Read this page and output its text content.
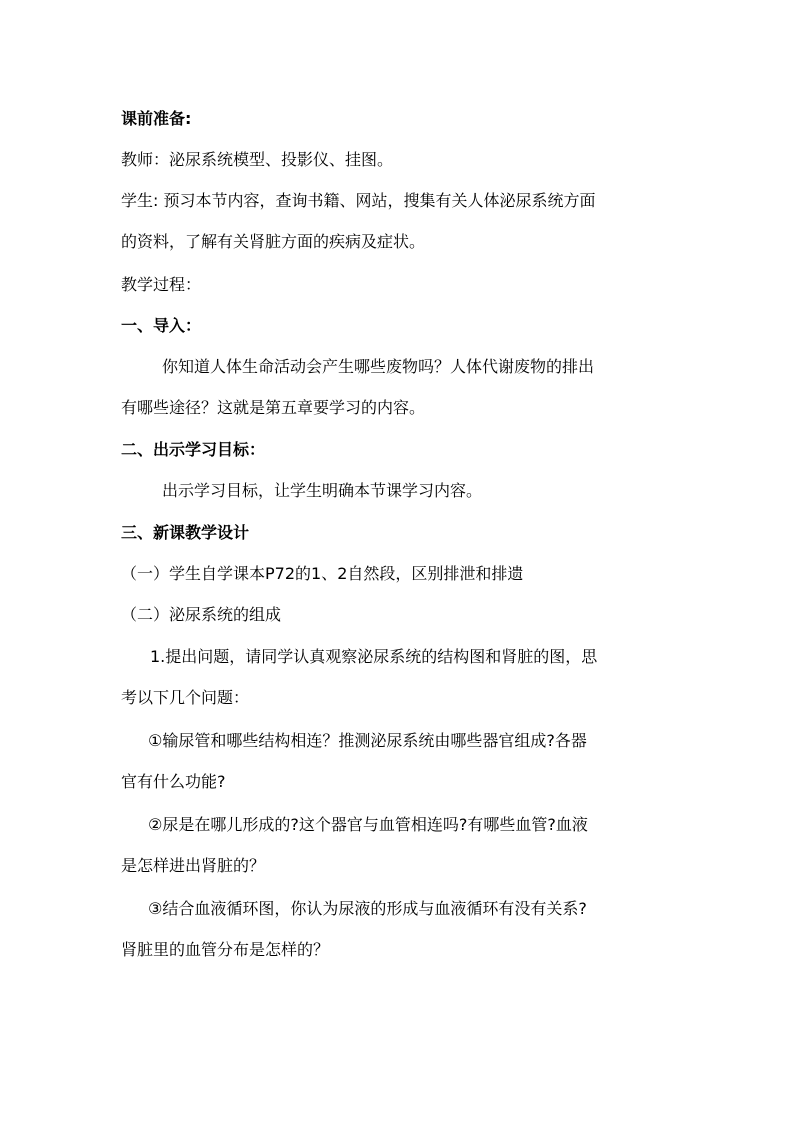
课前准备:
教师：泌尿系统模型、投影仪、挂图。
学生: 预习本节内容，查询书籍、网站，搜集有关人体泌尿系统方面
的资料，了解有关肾脏方面的疾病及症状。
教学过程：
一、导入：
你知道人体生命活动会产生哪些废物吗？人体代谢废物的排出
有哪些途径？这就是第五章要学习的内容。
二、出示学习目标：
出示学习目标，让学生明确本节课学习内容。
三、新课教学设计
（一）学生自学课本P72的1、2自然段，区别排泄和排遗
（二）泌尿系统的组成
1.提出问题，请同学认真观察泌尿系统的结构图和肾脏的图，思
考以下几个问题：
①输尿管和哪些结构相连？推测泌尿系统由哪些器官组成?各器
官有什么功能?
②尿是在哪儿形成的?这个器官与血管相连吗?有哪些血管?血液
是怎样进出肾脏的？
③结合血液循环图，你认为尿液的形成与血液循环有没有关系?
肾脏里的血管分布是怎样的？
